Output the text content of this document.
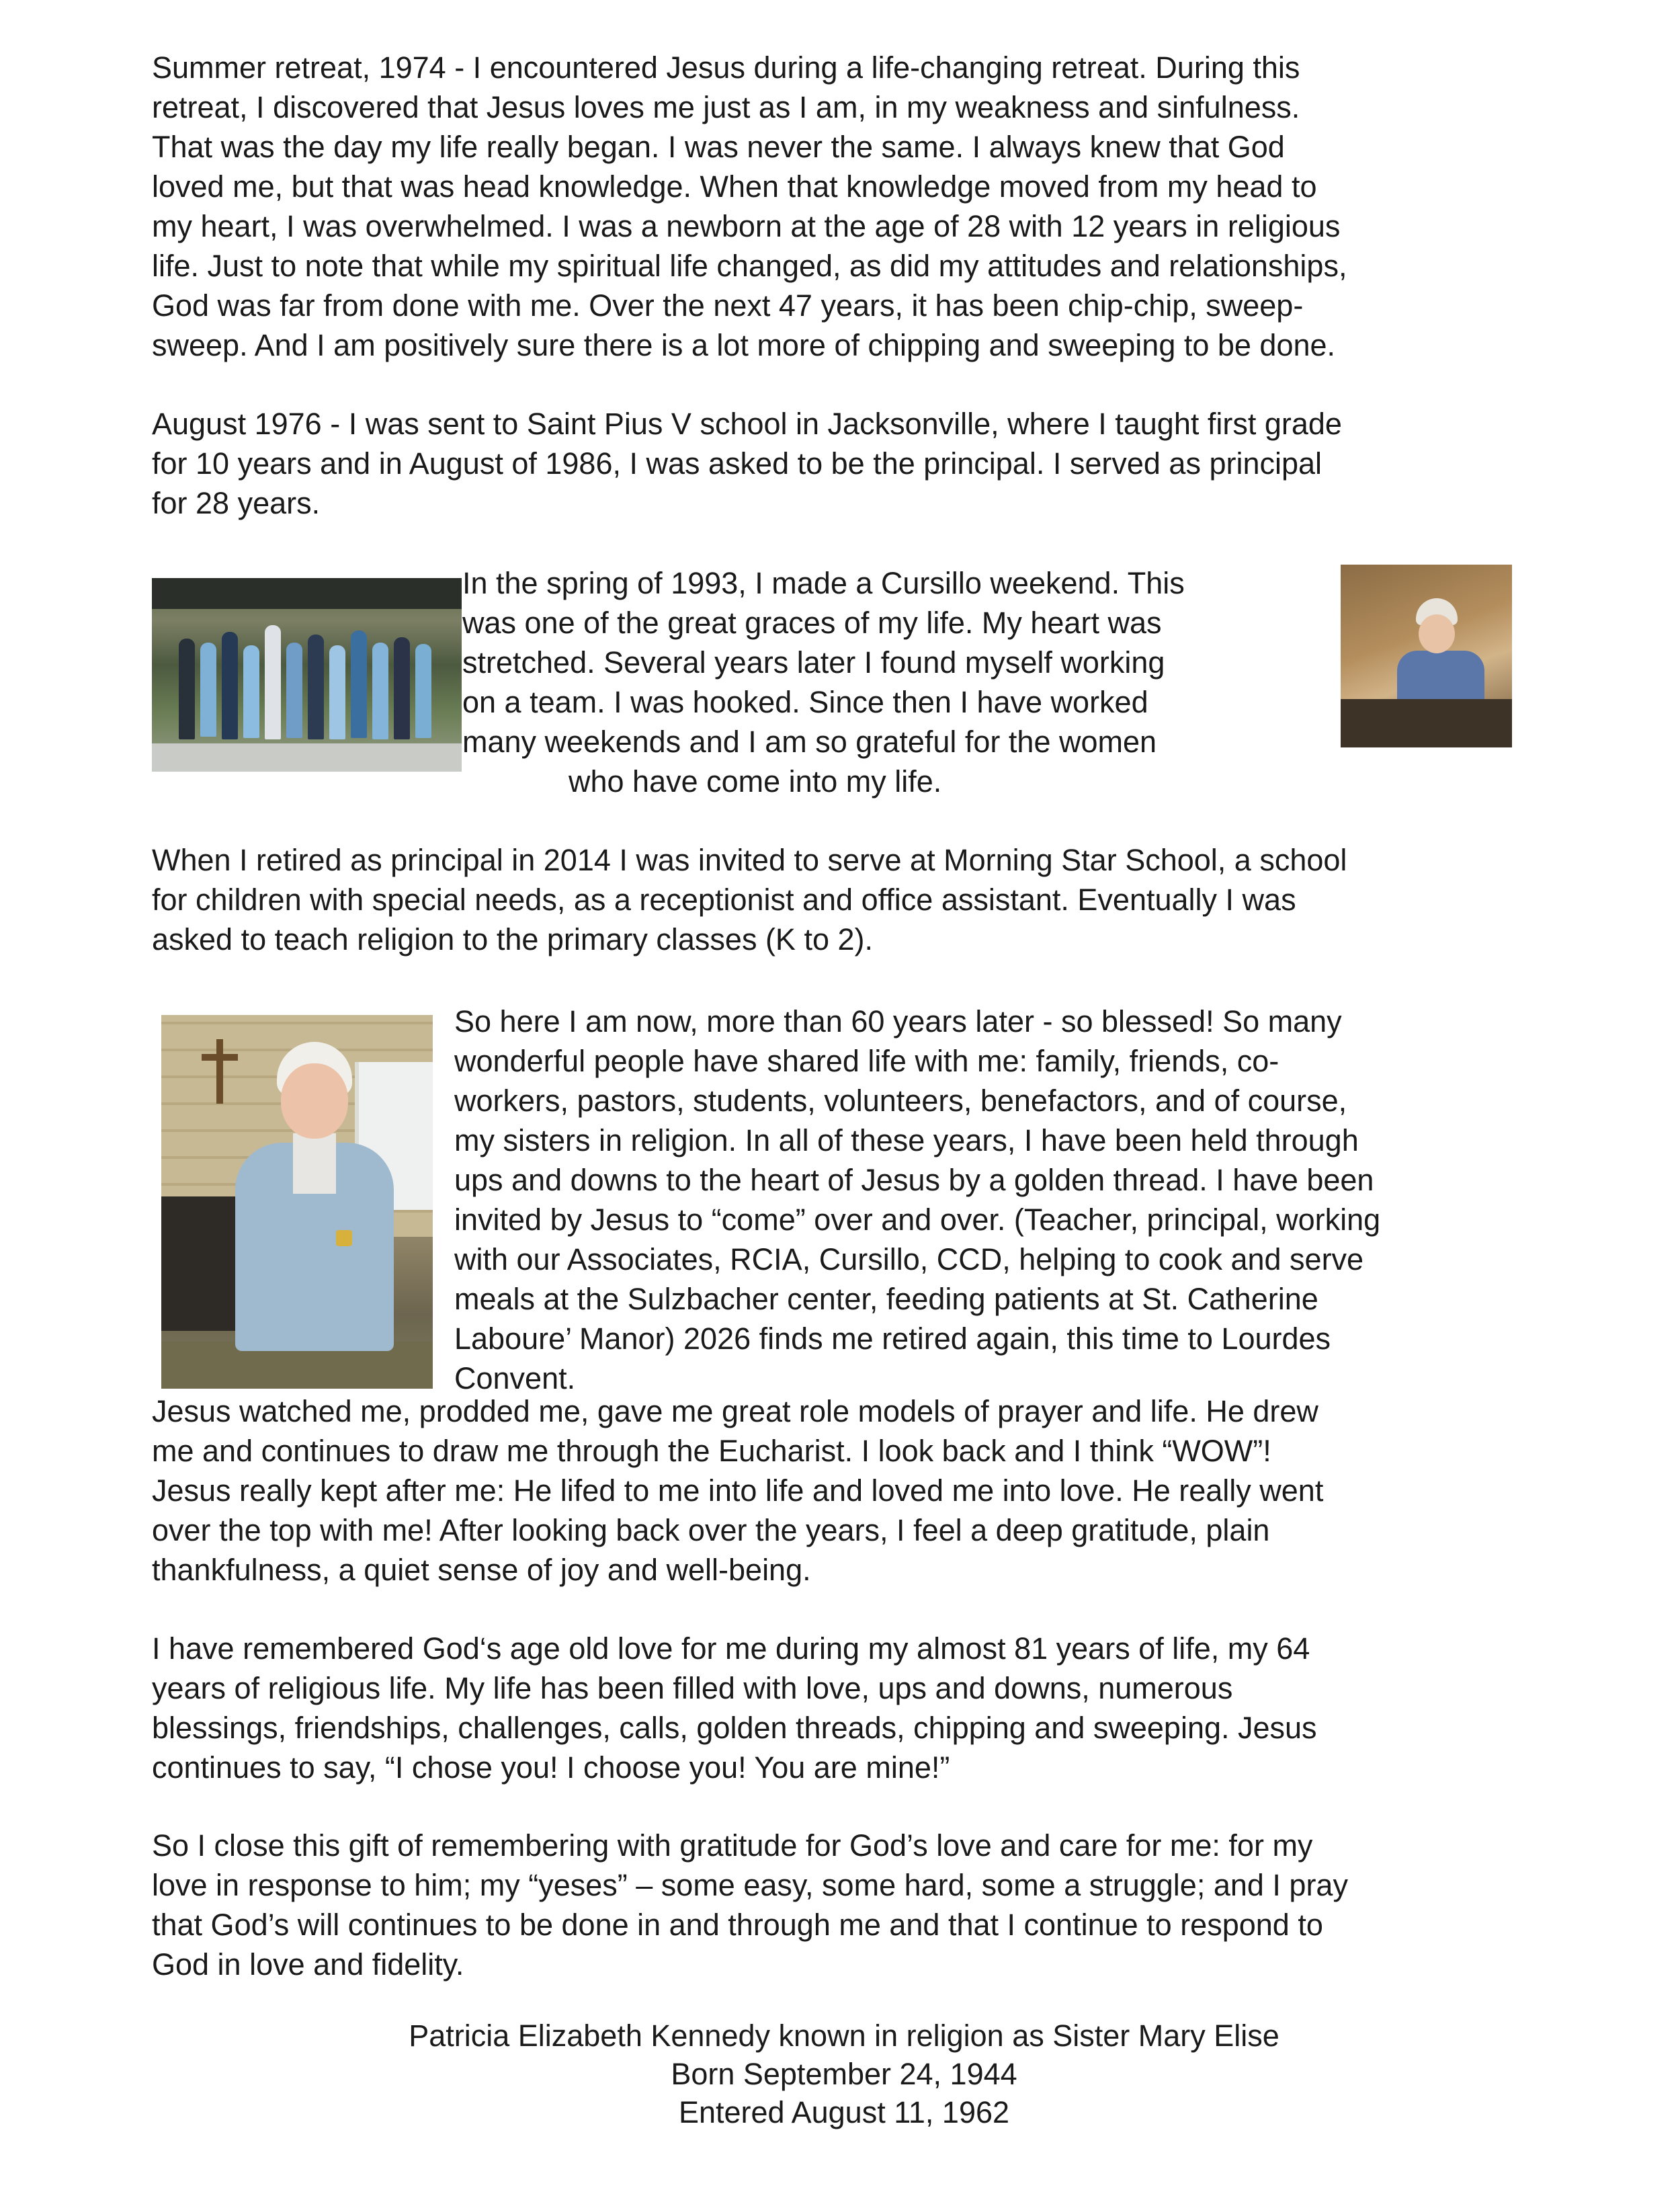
Summer retreat, 1974 - I encountered Jesus during a life-changing retreat. During this

retreat, I discovered that Jesus loves me just as I am, in my weakness and sinfulness.

That was the day my life really began. I was never the same. I always knew that God

loved me, but that was head knowledge. When that knowledge moved from my head to

my heart, I was overwhelmed. I was a newborn at the age of 28 with 12 years in religious

life. Just to note that while my spiritual life changed, as did my attitudes and relationships,

God was far from done with me. Over the next 47 years, it has been chip-chip, sweep-

sweep. And I am positively sure there is a lot more of chipping and sweeping to be done.

August 1976 - I was sent to Saint Pius V school in Jacksonville, where I taught first grade

for 10 years and in August of 1986, I was asked to be the principal. I served as principal

for 28 years.

In the spring of 1993, I made a Cursillo weekend. This

was one of the great graces of my life. My heart was

stretched. Several years later I found myself working

on a team. I was hooked. Since then I have worked

many weekends and I am so grateful for the women

who have come into my life.

When I retired as principal in 2014 I was invited to serve at Morning Star School, a school

for children with special needs, as a receptionist and office assistant. Eventually I was

asked to teach religion to the primary classes (K to 2).

So here I am now, more than 60 years later - so blessed! So many

wonderful people have shared life with me: family, friends, co-

workers, pastors, students, volunteers, benefactors, and of course,

my sisters in religion. In all of these years, I have been held through

ups and downs to the heart of Jesus by a golden thread. I have been

invited by Jesus to “come” over and over. (Teacher, principal, working

with our Associates, RCIA, Cursillo, CCD, helping to cook and serve

meals at the Sulzbacher center, feeding patients at St. Catherine

Laboure’ Manor) 2026 finds me retired again, this time to Lourdes

Convent.

Jesus watched me, prodded me, gave me great role models of prayer and life. He drew

me and continues to draw me through the Eucharist. I look back and I think “WOW”!

Jesus really kept after me: He lifed to me into life and loved me into love. He really went

over the top with me! After looking back over the years, I feel a deep gratitude, plain

thankfulness, a quiet sense of joy and well-being.

I have remembered God‘s age old love for me during my almost 81 years of life, my 64

years of religious life. My life has been filled with love, ups and downs, numerous

blessings, friendships, challenges, calls, golden threads, chipping and sweeping. Jesus

continues to say, “I chose you! I choose you! You are mine!”

So I close this gift of remembering with gratitude for God’s love and care for me: for my

love in response to him; my “yeses” – some easy, some hard, some a struggle; and I pray

that God’s will continues to be done in and through me and that I continue to respond to

God in love and fidelity.

Patricia Elizabeth Kennedy known in religion as Sister Mary Elise

Born September 24, 1944

Entered August 11, 1962
